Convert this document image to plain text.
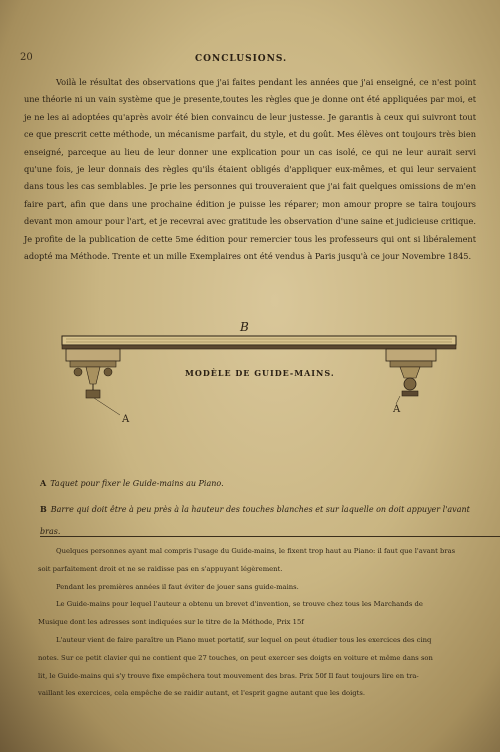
20	CONCLUSIONS.

Voilà le résultat des observations que j'ai faites pendant les années que j'ai enseigné, ce n'est point une théorie ni un vain système que je presente,toutes les règles que je donne ont été appliquées par moi, et je ne les ai adoptées qu'après avoir été bien convaincu de leur justesse. Je garantis à ceux qui suivront tout ce que prescrit cette méthode, un mécanisme parfait, du style, et du goût. Mes élèves ont toujours très bien enseigné, parceque au lieu de leur donner une explication pour un cas isolé, ce qui ne leur aurait servi qu'une fois, je leur donnais des règles qu'ils étaient obligés d'appliquer eux-mêmes, et qui leur servaient dans tous les cas semblables. Je prie les personnes qui trouveraient que j'ai fait quelques omissions de m'en faire part, afin que dans une prochaine édition je puisse les réparer; mon amour propre se taira toujours devant mon amour pour l'art, et je recevrai avec gratitude les observation d'une saine et judicieuse critique. Je profite de la publication de cette 5me édition pour remercier tous les professeurs qui ont si libéralement adopté ma Méthode. Trente et un mille Exemplaires ont été vendus à Paris jusqu'à ce jour Novembre 1845.

B
MODÈLE DE GUIDE-MAINS.
A
A
A Taquet pour fixer le Guide-mains au Piano.
B Barre qui doit être à peu près à la hauteur des touches blanches et sur laquelle on doit appuyer l'avant bras.

Quelques personnes ayant mal compris l'usage du Guide-mains, le fixent trop haut au Piano: il faut que l'avant bras

soit parfaitement droit et ne se raidisse pas en s'appuyant légèrement.

Pendant les premières années il faut éviter de jouer sans guide-mains.

Le Guide-mains pour lequel l'auteur a obtenu un brevet d'invention, se trouve chez tous les Marchands de

Musique dont les adresses sont indiquées sur le titre de la Méthode, Prix 15f

L'auteur vient de faire paraître un Piano muet portatif, sur lequel on peut étudier tous les exercices des cinq

notes. Sur ce petit clavier qui ne contient que 27 touches, on peut exercer ses doigts en voiture et même dans son

lit, le Guide-mains qui s'y trouve fixe empêchera tout mouvement des bras. Prix 50f Il faut toujours lire en tra-

vaillant les exercices, cela empêche de se raidir autant, et l'esprit gagne autant que les doigts.
